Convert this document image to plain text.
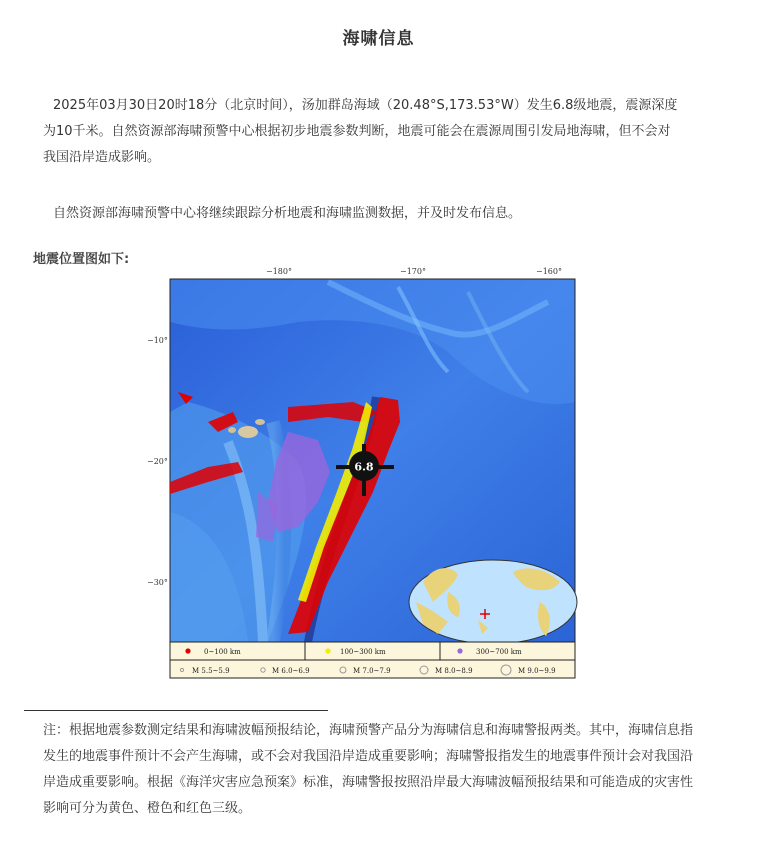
海啸信息
2025年03月30日20时18分（北京时间），汤加群岛海域（20.48°S,173.53°W）发生6.8级地震，震源深度为10千米。自然资源部海啸预警中心根据初步地震参数判断，地震可能会在震源周围引发局地海啸，但不会对我国沿岸造成影响。
自然资源部海啸预警中心将继续跟踪分析地震和海啸监测数据，并及时发布信息。
地震位置图如下:
−180°	−170°	−160°
−10°
−20°
−30°
6.8
0~100 km	100~300 km	300~700 km
M 5.5~5.9	M 6.0~6.9	M 7.0~7.9	M 8.0~8.9	M 9.0~9.9
注：根据地震参数测定结果和海啸波幅预报结论，海啸预警产品分为海啸信息和海啸警报两类。其中，海啸信息指发生的地震事件预计不会产生海啸，或不会对我国沿岸造成重要影响；海啸警报指发生的地震事件预计会对我国沿岸造成重要影响。根据《海洋灾害应急预案》标准，海啸警报按照沿岸最大海啸波幅预报结果和可能造成的灾害性影响可分为黄色、橙色和红色三级。
